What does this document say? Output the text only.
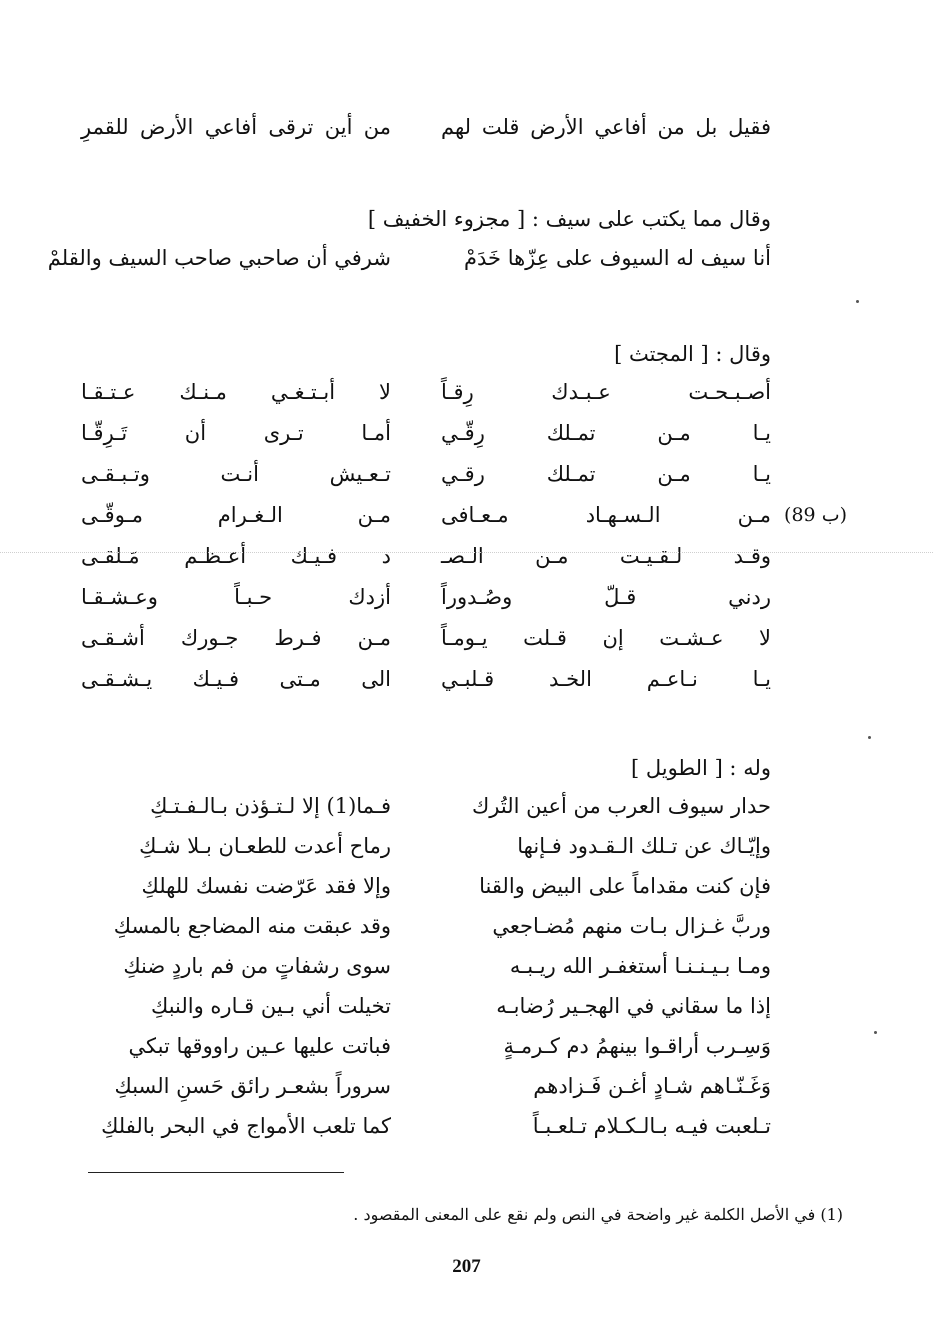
فقيل بل من أفاعي الأرض قلت لهم
من أين ترقى أفاعي الأرض للقمرِ
وقال مما يكتب على سيف : [ مجزوء الخفيف ]
أنا سيف له السيوف على عِزّها خَدَمْ
شرفي أن صاحبي صاحب السيف والقلمْ
وقال : [ المجتث ]
(89 ب)
أصـبـحـت عـبـدك رِقـاً
لا أبـتـغـي مـنـك عـتـقـا
يـا مـن تمـلك رِقّـي
أمـا تـرى أن تَـرِقّـا
يـا مـن تمـلك رقـي
تـعـيش أنـت وتـبـقـى
مـن الـسـهـاد مـعـافى
مـن الـغـرام مـوقّـى
وقـد لـقـيـت مـن الـصـ
د فـيـك أعـظـم مَـلقـى
ردني قـلّ وصُـدوراً
أزدك حـبـاً وعـشـقـا
لا عـشـت إن قـلت يـومـاً
مـن فـرط جـورك أشـقـى
يـا نـاعـم الخـد قـلبـي
الى مـتى فـيـك يـشـقـى
وله : [ الطويل ]
حدار سيوف العرب من أعين التُرك
فـما(1) إلا لـتـؤذن بـالـفـتـكِ
وإيّـاك عن تـلك الـقـدود فـإنها
رماح أعدت للطعـان بـلا شـكِ
فإن كنت مقداماً على البيض والقنا
وإلا فقد عَرّضت نفسك للهلكِ
وربَّ غـزال بـات منهم مُضـاجعي
وقد عبقت منه المضاجع بالمسكِ
ومـا بـيـنـنـا أستغفـر الله ريـبـه
سوى رشفاتٍ من فم باردٍ ضنكِ
إذا ما سقاني في الهجـير رُضابـه
تخيلت أني بـين قـاره والنبكِ
وَسِـرب أراقـوا بينهمُ دم كـرمـةٍ
فباتت عليها عـين راووقها تبكي
وَغَـنّـاهم شـادٍ أغـن فَـزادهم
سروراً بشعـر رائق حَسنِ السبكِ
تـلعبت فيـه بـالـكـلام تـلعـبـاً
كما تلعب الأمواج في البحر بالفلكِ
(1) في الأصل الكلمة غير واضحة في النص ولم نقع على المعنى المقصود .
207
